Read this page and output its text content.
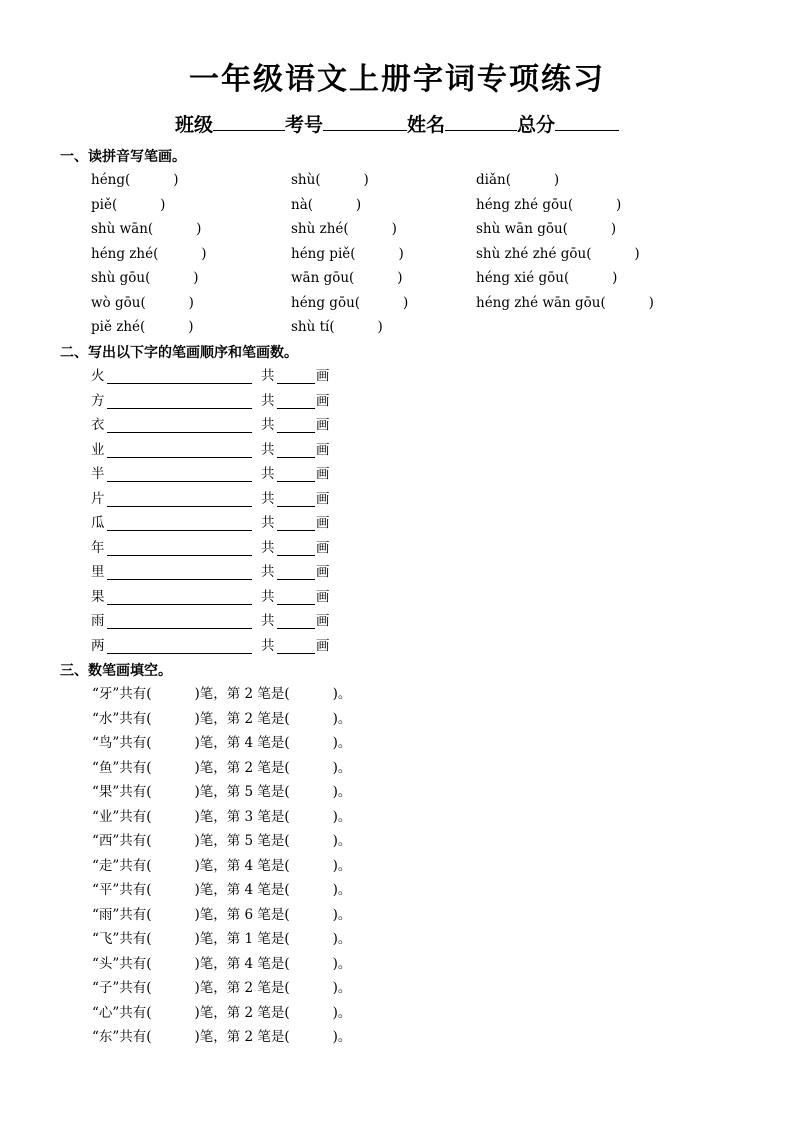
一年级语文上册字词专项练习
班级	考号	姓名	总分
一、读拼音写笔画。
héng(          )	shù(          )	diǎn(          )
piě(          )	nà(          )	héng zhé gōu(          )
shù wān(          )	shù zhé(          )	shù wān gōu(          )
héng zhé(          )	héng piě(          )	shù zhé zhé gōu(          )
shù gōu(          )	wān gōu(          )	héng xié gōu(          )
wò gōu(          )	héng gōu(          )	héng zhé wān gōu(          )
piě zhé(          )	shù tí(          )
二、写出以下字的笔画顺序和笔画数。
火	共	画
方	共	画
衣	共	画
业	共	画
半	共	画
片	共	画
瓜	共	画
年	共	画
里	共	画
果	共	画
雨	共	画
两	共	画
三、数笔画填空。
“牙”共有(          )笔，第 2 笔是(          )。
“水”共有(          )笔，第 2 笔是(          )。
“鸟”共有(          )笔，第 4 笔是(          )。
“鱼”共有(          )笔，第 2 笔是(          )。
“果”共有(          )笔，第 5 笔是(          )。
“业”共有(          )笔，第 3 笔是(          )。
“西”共有(          )笔，第 5 笔是(          )。
“走”共有(          )笔，第 4 笔是(          )。
“平”共有(          )笔，第 4 笔是(          )。
“雨”共有(          )笔，第 6 笔是(          )。
“飞”共有(          )笔，第 1 笔是(          )。
“头”共有(          )笔，第 4 笔是(          )。
“子”共有(          )笔，第 2 笔是(          )。
“心”共有(          )笔，第 2 笔是(          )。
“东”共有(          )笔，第 2 笔是(          )。
